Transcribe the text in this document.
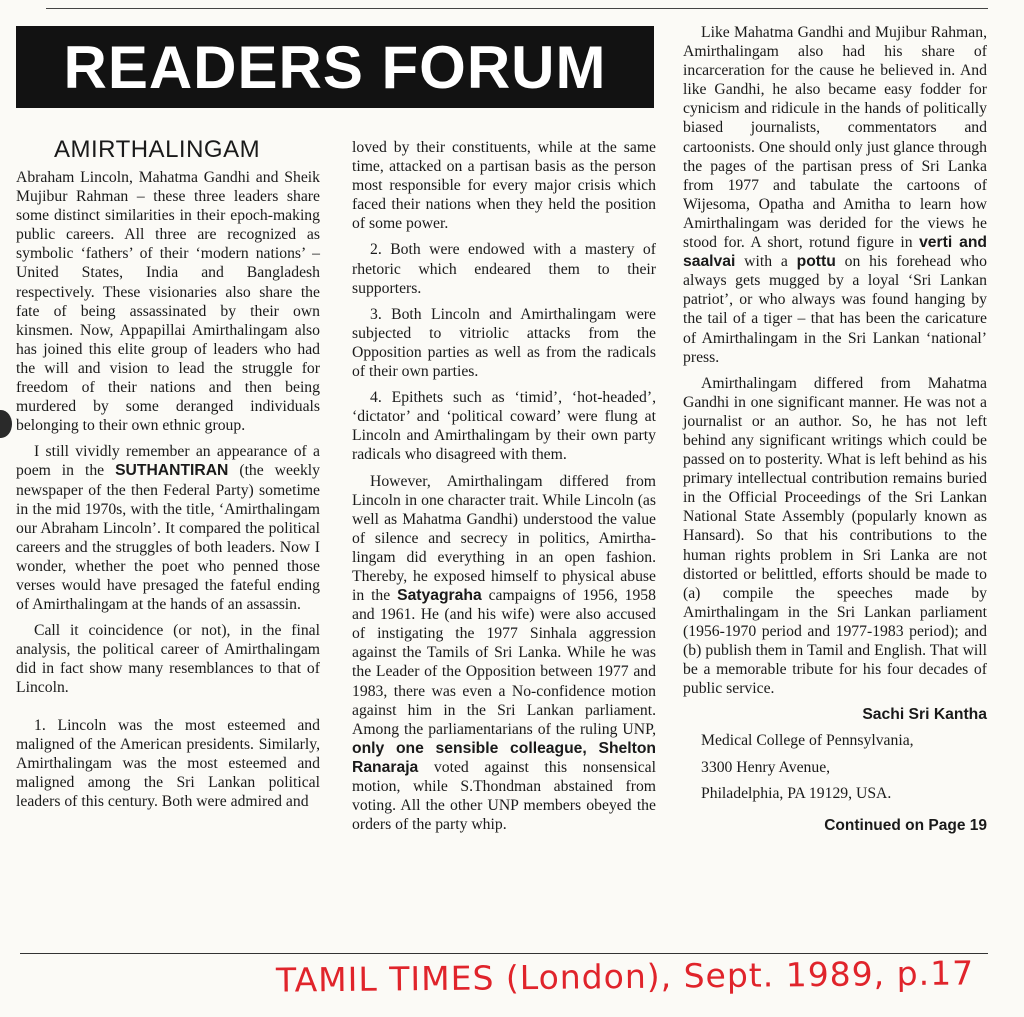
READERS FORUM
AMIRTHALINGAM

Abraham Lincoln, Mahatma Gandhi and Sheik Mujibur Rahman – these three leaders share some distinct similarities in their epoch-making public careers. All three are recognized as symbolic ‘fathers’ of their ‘modern nations’ – United States, India and Bangladesh respectively. These visionaries also share the fate of being assassinated by their own kinsmen. Now, Appapillai Amirthalingam also has joined this elite group of leaders who had the will and vision to lead the struggle for freedom of their nations and then being murdered by some deranged individuals belonging to their own ethnic group.

I still vividly remember an appearance of a poem in the SUTHANTIRAN (the weekly newspaper of the then Federal Party) sometime in the mid 1970s, with the title, ‘Amirthalingam our Abraham Lincoln’. It compared the political careers and the struggles of both leaders. Now I wonder, whether the poet who penned those verses would have presaged the fateful ending of Amirthalingam at the hands of an assassin.

Call it coincidence (or not), in the final analysis, the political career of Amirthalingam did in fact show many resemblances to that of Lincoln.

1. Lincoln was the most esteemed and maligned of the American presidents. Similarly, Amirthalingam was the most esteemed and maligned among the Sri Lankan political leaders of this century. Both were admired and

loved by their constituents, while at the same time, attacked on a partisan basis as the person most responsible for every major crisis which faced their nations when they held the position of some power.

2. Both were endowed with a mastery of rhetoric which endeared them to their supporters.

3. Both Lincoln and Amirthalingam were subjected to vitriolic attacks from the Opposition parties as well as from the radicals of their own parties.

4. Epithets such as ‘timid’, ‘hot-headed’, ‘dictator’ and ‘political coward’ were flung at Lincoln and Amirthalingam by their own party radicals who disagreed with them.

However, Amirthalingam differed from Lincoln in one character trait. While Lincoln (as well as Mahatma Gandhi) understood the value of silence and secrecy in politics, Amirthalingam did everything in an open fashion. Thereby, he exposed himself to physical abuse in the Satyagraha campaigns of 1956, 1958 and 1961. He (and his wife) were also accused of instigating the 1977 Sinhala aggression against the Tamils of Sri Lanka. While he was the Leader of the Opposition between 1977 and 1983, there was even a No-confidence motion against him in the Sri Lankan parliament. Among the parliamentarians of the ruling UNP, only one sensible colleague, Shelton Ranaraja voted against this nonsensical motion, while S.Thondman abstained from voting. All the other UNP members obeyed the orders of the party whip.

Like Mahatma Gandhi and Mujibur Rahman, Amirthalingam also had his share of incarceration for the cause he believed in. And like Gandhi, he also became easy fodder for cynicism and ridicule in the hands of politically biased journalists, commentators and cartoonists. One should only just glance through the pages of the partisan press of Sri Lanka from 1977 and tabulate the cartoons of Wijesoma, Opatha and Amitha to learn how Amirthalingam was derided for the views he stood for. A short, rotund figure in verti and saalvai with a pottu on his forehead who always gets mugged by a loyal ‘Sri Lankan patriot’, or who always was found hanging by the tail of a tiger – that has been the caricature of Amirthalingam in the Sri Lankan ‘national’ press.

Amirthalingam differed from Mahatma Gandhi in one significant manner. He was not a journalist or an author. So, he has not left behind any significant writings which could be passed on to posterity. What is left behind as his primary intellectual contribution remains buried in the Official Proceedings of the Sri Lankan National State Assembly (popularly known as Hansard). So that his contributions to the human rights problem in Sri Lanka are not distorted or belittled, efforts should be made to (a) compile the speeches made by Amirthalingam in the Sri Lankan parliament (1956-1970 period and 1977-1983 period); and (b) publish them in Tamil and English. That will be a memorable tribute for his four decades of public service.

Sachi Sri Kantha

Medical College of Pennsylvania,

3300 Henry Avenue,

Philadelphia, PA 19129, USA.

Continued on Page 19
TAMIL TIMES (London), Sept. 1989, p.17
